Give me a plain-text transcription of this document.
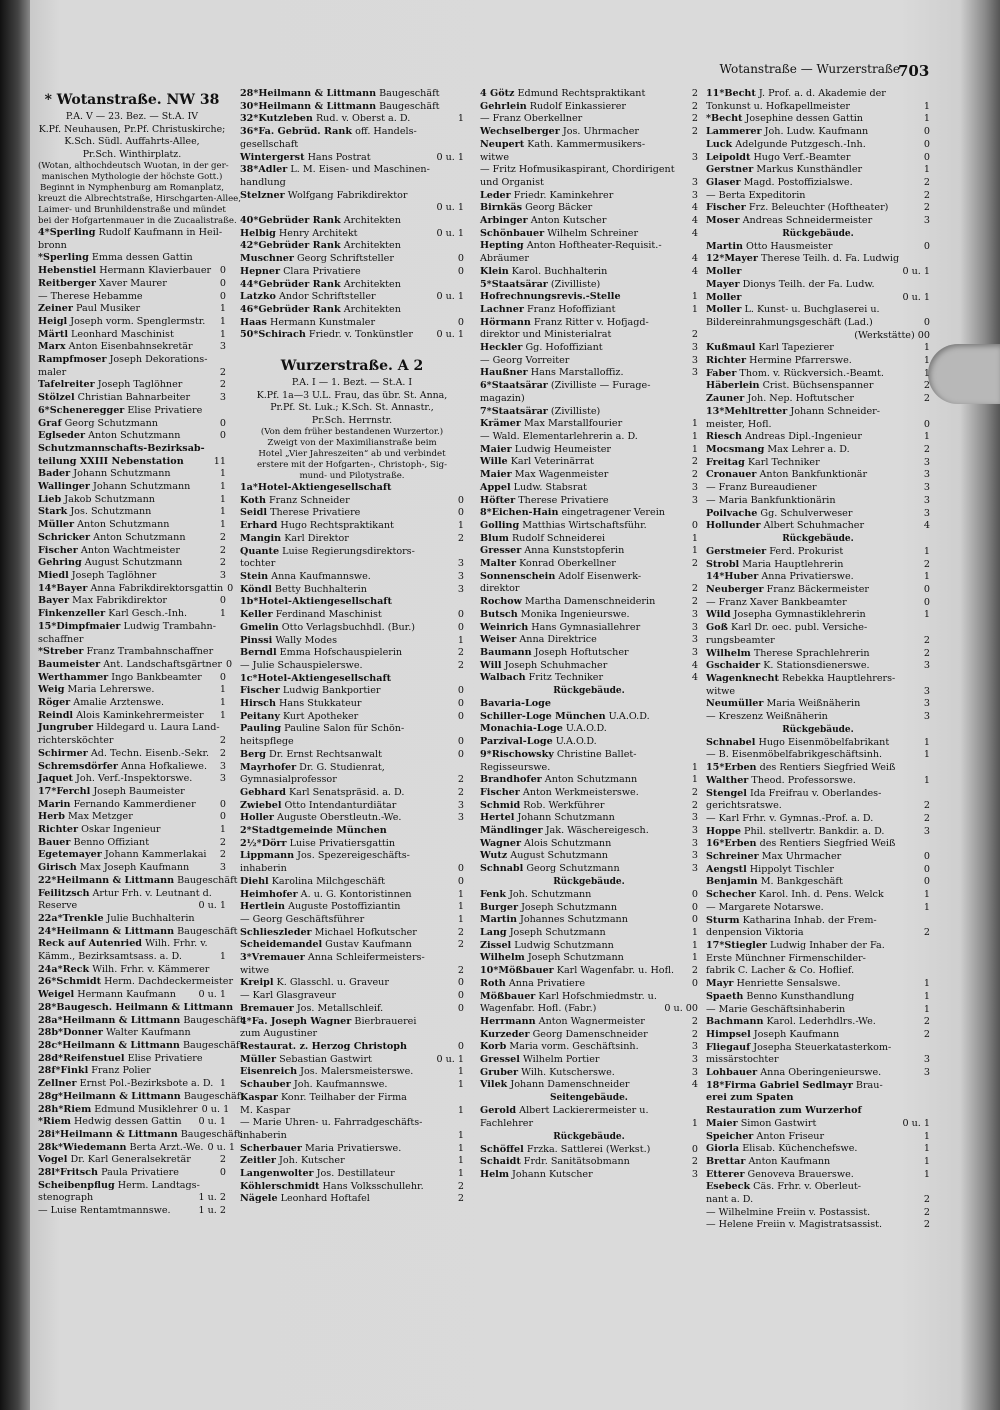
Wotanstraße — Wurzerstraße
703
* Wotanstraße. NW 38
P.A. V — 23. Bez. — St.A. IV
K.Pf. Neuhausen, Pr.Pf. Christuskirche;
K.Sch. Südl. Auffahrts-Allee,
Pr.Sch. Winthirplatz.
(Wotan, althochdeutsch Wuotan, in der ger-
manischen Mythologie der höchste Gott.)
Beginnt in Nymphenburg am Romanplatz,
kreuzt die Albrechtstraße, Hirschgarten-Allee,
Laimer- und Brunhildenstraße und mündet
bei der Hofgartenmauer in die Zucaalistraße.
4*Sperling Rudolf Kaufmann in Heil-
bronn
*Sperling Emma dessen Gattin
Hebenstiel Hermann Klavierbauer 0
Reitberger Xaver Maurer	0
— Therese Hebamme	0
Zeiner Paul Musiker	1
Heigl Joseph vorm. Spenglermstr.	1
Märtl Leonhard Maschinist	1
Marx Anton Eisenbahnsekretär	3
Rampfmoser Joseph Dekorations-
maler	2
Tafelreiter Joseph Taglöhner	2
Stölzel Christian Bahnarbeiter	3
6*Scheneregger Elise Privatiere
Graf Georg Schutzmann	0
Eglseder Anton Schutzmann	0
Schutzmannschafts-Bezirksab-
teilung XXIII Nebenstation	11
Bader Johann Schutzmann	1
Wallinger Johann Schutzmann	1
Lieb Jakob Schutzmann	1
Stark Jos. Schutzmann	1
Müller Anton Schutzmann	1
Schricker Anton Schutzmann	2
Fischer Anton Wachtmeister	2
Gehring August Schutzmann	2
Miedl Joseph Taglöhner	3
14*Bayer Anna Fabrikdirektorsgattin 0
Bayer Max Fabrikdirektor	0
Finkenzeller Karl Gesch.-Inh.	1
15*Dimpfmaier Ludwig Trambahn-
schaffner
*Streber Franz Trambahnschaffner
Baumeister Ant. Landschaftsgärtner 0
Werthammer Ingo Bankbeamter	0
Weig Maria Lehrerswe.	1
Röger Amalie Arztenswe.	1
Reindl Alois Kaminkehrermeister	1
Jungruber Hildegard u. Laura Land-
richtersköchter	2
Schirmer Ad. Techn. Eisenb.-Sekr.	2
Schremsdörfer Anna Hofkaliewe.	3
Jaquet Joh. Verf.-Inspektorswe.	3
17*Ferchl Joseph Baumeister
Marin Fernando Kammerdiener	0
Herb Max Metzger	0
Richter Oskar Ingenieur	1
Bauer Benno Offiziant	2
Egetemayer Johann Kammerlakai	2
Girisch Max Joseph Kaufmann	3
22*Heilmann & Littmann Baugeschäft
Feilitzsch Artur Frh. v. Leutnant d.
Reserve	0 u. 1
22a*Trenkle Julie Buchhalterin
24*Heilmann & Littmann Baugeschäft
Reck auf Autenried Wilh. Frhr. v.
Kämm., Bezirksamtsass. a. D.	1
24a*Reck Wilh. Frhr. v. Kämmerer
26*Schmidt Herm. Dachdeckermeister
Weigel Hermann Kaufmann	0 u. 1
28*Baugesch. Heilmann & Littmann
28a*Heilmann & Littmann Baugeschäft
28b*Donner Walter Kaufmann
28c*Heilmann & Littmann Baugeschäft
28d*Reifenstuel Elise Privatiere
28f*Finkl Franz Polier
Zellner Ernst Pol.-Bezirksbote a. D. 1
28g*Heilmann & Littmann Baugeschäft
28h*Riem Edmund Musiklehrer 0 u. 1
*Riem Hedwig dessen Gattin	0 u. 1
28i*Heilmann & Littmann Baugeschäft
28k*Wiedemann Berta Arzt.-We. 0 u. 1
Vogel Dr. Karl Generalsekretär	2
28l*Fritsch Paula Privatiere	0
Scheibenpflug Herm. Landtags-
stenograph	1 u. 2
— Luise Rentamtmannswe.	1 u. 2
28*Heilmann & Littmann Baugeschäft
30*Heilmann & Littmann Baugeschäft
32*Kutzleben Rud. v. Oberst a. D.	1
36*Fa. Gebrüd. Rank off. Handels-
gesellschaft
Wintergerst Hans Postrat	0 u. 1
38*Adler L. M. Eisen- und Maschinen-
handlung
Stelzner Wolfgang Fabrikdirektor
0 u. 1
40*Gebrüder Rank Architekten
Helbig Henry Architekt	0 u. 1
42*Gebrüder Rank Architekten
Muschner Georg Schriftsteller	0
Hepner Clara Privatiere	0
44*Gebrüder Rank Architekten
Latzko Andor Schriftsteller	0 u. 1
46*Gebrüder Rank Architekten
Haas Hermann Kunstmaler	0
50*Schirach Friedr. v. Tonkünstler	0 u. 1
Wurzerstraße. A 2
P.A. I — 1. Bezt. — St.A. I
K.Pf. 1a—3 U.L. Frau, das übr. St. Anna,
Pr.Pf. St. Luk.; K.Sch. St. Annastr.,
Pr.Sch. Herrnstr.
(Von dem früher bestandenen Wurzertor.)
Zweigt von der Maximilianstraße beim
Hotel „Vier Jahreszeiten“ ab und verbindet
erstere mit der Hofgarten-, Christoph-, Sig-
mund- und Pilotystraße.
1a*Hotel-Aktiengesellschaft
Koth Franz Schneider	0
Seidl Therese Privatiere	0
Erhard Hugo Rechtspraktikant	1
Mangin Karl Direktor	2
Quante Luise Regierungsdirektors-
tochter	3
Stein Anna Kaufmannswe.	3
Köndl Betty Buchhalterin	3
1b*Hotel-Aktiengesellschaft
Keller Ferdinand Maschinist	0
Gmelin Otto Verlagsbuchhdl. (Bur.)	0
Pinssi Wally Modes	1
Berndl Emma Hofschauspielerin	2
— Julie Schauspielerswe.	2
1c*Hotel-Aktiengesellschaft
Fischer Ludwig Bankportier	0
Hirsch Hans Stukkateur	0
Peitany Kurt Apotheker	0
Pauling Pauline Salon für Schön-
heitspflege	0
Berg Dr. Ernst Rechtsanwalt	0
Mayrhofer Dr. G. Studienrat,
Gymnasialprofessor	2
Gebhard Karl Senatspräsid. a. D.	2
Zwiebel Otto Intendanturdiätar	3
Holler Auguste Oberstleutn.-We.	3
2*Stadtgemeinde München
2½*Dörr Luise Privatiersgattin
Lippmann Jos. Spezereigeschäfts-
inhaberin	0
Diehl Karolina Milchgeschäft	0
Heimhofer A. u. G. Kontoristinnen	1
Hertlein Auguste Postoffiziantin	1
— Georg Geschäftsführer	1
Schlieszleder Michael Hofkutscher	2
Scheidemandel Gustav Kaufmann	2
3*Vremauer Anna Schleifermeisters-
witwe	2
Kreipl K. Glasschl. u. Graveur	0
— Karl Glasgraveur	0
Bremauer Jos. Metallschleif.	0
4*Fa. Joseph Wagner Bierbrauerei
zum Augustiner
Restaurat. z. Herzog Christoph	0
Müller Sebastian Gastwirt	0 u. 1
Eisenreich Jos. Malersmeisterswe.	1
Schauber Joh. Kaufmannswe.	1
Kaspar Konr. Teilhaber der Firma
M. Kaspar	1
— Marie Uhren- u. Fahrradgeschäfts-
inhaberin	1
Scherbauer Maria Privatierswe.	1
Zeitler Joh. Kutscher	1
Langenwolter Jos. Destillateur	1
Köhlerschmidt Hans Volksschullehr.	2
Nägele Leonhard Hoftafel	2
4 Götz Edmund Rechtspraktikant	2
Gehrlein Rudolf Einkassierer	2
— Franz Oberkellner	2
Wechselberger Jos. Uhrmacher	2
Neupert Kath. Kammermusikers-
witwe	3
— Fritz Hofmusikaspirant, Chordirigent
und Organist	3
Leder Friedr. Kaminkehrer	3
Birnkäs Georg Bäcker	4
Arbinger Anton Kutscher	4
Schönbauer Wilhelm Schreiner	4
Hepting Anton Hoftheater-Requisit.-
Abräumer	4
Klein Karol. Buchhalterin	4
5*Staatsärar (Zivilliste)
Hofrechnungsrevis.-Stelle	1
Lachner Franz Hofoffiziant	1
Hörmann Franz Ritter v. Hofjagd-
direktor und Ministerialrat	2
Heckler Gg. Hofoffiziant	3
— Georg Vorreiter	3
Haußner Hans Marstalloffiz.	3
6*Staatsärar (Zivilliste — Furage-
magazin)
7*Staatsärar (Zivilliste)
Krämer Max Marstallfourier	1
— Wald. Elementarlehrerin a. D.	1
Maier Ludwig Heumeister	1
Wille Karl Veterinärrat	2
Maier Max Wagenmeister	2
Appel Ludw. Stabsrat	3
Höfter Therese Privatiere	3
8*Eichen-Hain eingetragener Verein
Golling Matthias Wirtschaftsführ.	0
Blum Rudolf Schneiderei	1
Gresser Anna Kunststopferin	1
Malter Konrad Oberkellner	2
Sonnenschein Adolf Eisenwerk-
direktor	2
Rochow Martha Damenschneiderin	2
Butsch Monika Ingenieurswe.	3
Weinrich Hans Gymnasiallehrer	3
Weiser Anna Direktrice	3
Baumann Joseph Hoftutscher	3
Will Joseph Schuhmacher	4
Walbach Fritz Techniker	4
Rückgebäude.
Bavaria-Loge
Schiller-Loge München U.A.O.D.
Monachia-Loge U.A.O.D.
Parzival-Loge U.A.O.D.
9*Rischowsky Christine Ballet-
Regisseurswe.	1
Brandhofer Anton Schutzmann	1
Fischer Anton Werkmeisterswe.	2
Schmid Rob. Werkführer	2
Hertel Johann Schutzmann	3
Mändlinger Jak. Wäschereigesch.	3
Wagner Alois Schutzmann	3
Wutz August Schutzmann	3
Schnabl Georg Schutzmann	3
Rückgebäude.
Fenk Joh. Schutzmann	0
Burger Joseph Schutzmann	0
Martin Johannes Schutzmann	0
Lang Joseph Schutzmann	1
Zissel Ludwig Schutzmann	1
Wilhelm Joseph Schutzmann	1
10*Mößbauer Karl Wagenfabr. u. Hofl.	2
Roth Anna Privatiere	0
Mößbauer Karl Hofschmiedmstr. u.
Wagenfabr. Hofl. (Fabr.)	0 u. 00
Herrmann Anton Wagnermeister	2
Kurzeder Georg Damenschneider	2
Korb Maria vorm. Geschäftsinh.	3
Gressel Wilhelm Portier	3
Gruber Wilh. Kutscherswe.	3
Vilek Johann Damenschneider	4
Seitengebäude.
Gerold Albert Lackierermeister u.
Fachlehrer	1
Rückgebäude.
Schöffel Frzka. Sattlerei (Werkst.)	0
Schaidt Frdr. Sanitätsobmann	2
Helm Johann Kutscher	3
11*Becht J. Prof. a. d. Akademie der
Tonkunst u. Hofkapellmeister	1
*Becht Josephine dessen Gattin	1
Lammerer Joh. Ludw. Kaufmann	0
Luck Adelgunde Putzgesch.-Inh.	0
Leipoldt Hugo Verf.-Beamter	0
Gerstner Markus Kunsthändler	1
Glaser Magd. Postoffizialswe.	2
— Berta Expeditorin	2
Fischer Frz. Beleuchter (Hoftheater)	2
Moser Andreas Schneidermeister	3
Rückgebäude.
Martin Otto Hausmeister	0
12*Mayer Therese Teilh. d. Fa. Ludwig
Moller	0 u. 1
Mayer Dionys Teilh. der Fa. Ludw.
Moller	0 u. 1
Moller L. Kunst- u. Buchglaserei u.
Bildereinrahmungsgeschäft (Lad.)	0
(Werkstätte) 00
Kußmaul Karl Tapezierer	1
Richter Hermine Pfarrerswe.	1
Faber Thom. v. Rückversich.-Beamt.	1
Häberlein Crist. Büchsenspanner	2
Zauner Joh. Nep. Hoftutscher	2
13*Mehltretter Johann Schneider-
meister, Hofl.	0
Riesch Andreas Dipl.-Ingenieur	1
Mocsmang Max Lehrer a. D.	2
Freitag Karl Techniker	3
Cronauer Anton Bankfunktionär	3
— Franz Bureaudiener	3
— Maria Bankfunktionärin	3
Poilvache Gg. Schulverweser	3
Hollunder Albert Schuhmacher	4
Rückgebäude.
Gerstmeier Ferd. Prokurist	1
Strobl Maria Hauptlehrerin	2
14*Huber Anna Privatierswe.	1
Neuberger Franz Bäckermeister	0
— Franz Xaver Bankbeamter	0
Wild Josepha Gymnastiklehrerin	1
Goß Karl Dr. oec. publ. Versiche-
rungsbeamter	2
Wilhelm Therese Sprachlehrerin	2
Gschaider K. Stationsdienerswe.	3
Wagenknecht Rebekka Hauptlehrers-
witwe	3
Neumüller Maria Weißnäherin	3
— Kreszenz Weißnäherin	3
Rückgebäude.
Schnabel Hugo Eisenmöbelfabrikant	1
— B. Eisenmöbelfabrikgeschäftsinh.	1
15*Erben des Rentiers Siegfried Weiß
Walther Theod. Professorswe.	1
Stengel Ida Freifrau v. Oberlandes-
gerichtsratswe.	2
— Karl Frhr. v. Gymnas.-Prof. a. D.	2
Hoppe Phil. stellvertr. Bankdir. a. D.	3
16*Erben des Rentiers Siegfried Weiß
Schreiner Max Uhrmacher	0
Aengstl Hippolyt Tischler	0
Benjamin M. Bankgeschäft	0
Schecher Karol. Inh. d. Pens. Welck	1
— Margarete Notarswe.	1
Sturm Katharina Inhab. der Frem-
denpension Viktoria	2
17*Stiegler Ludwig Inhaber der Fa.
Erste Münchner Firmenschilder-
fabrik C. Lacher & Co. Hoflief.
Mayr Henriette Sensalswe.	1
Spaeth Benno Kunsthandlung	1
— Marie Geschäftsinhaberin	1
Bachmann Karol. Lederhdlrs.-We.	2
Himpsel Joseph Kaufmann	2
Fliegauf Josepha Steuerkatasterkom-
missärstochter	3
Lohbauer Anna Oberingenieurswe.	3
18*Firma Gabriel Sedlmayr Brau-
erei zum Spaten
Restauration zum Wurzerhof
Maier Simon Gastwirt	0 u. 1
Speicher Anton Friseur	1
Giorla Elisab. Küchenchefswe.	1
Brettar Anton Kaufmann	1
Etterer Genoveva Brauerswe.	1
Esebeck Cäs. Frhr. v. Oberleut-
nant a. D.	2
— Wilhelmine Freiin v. Postassist.	2
— Helene Freiin v. Magistratsassist.	2
